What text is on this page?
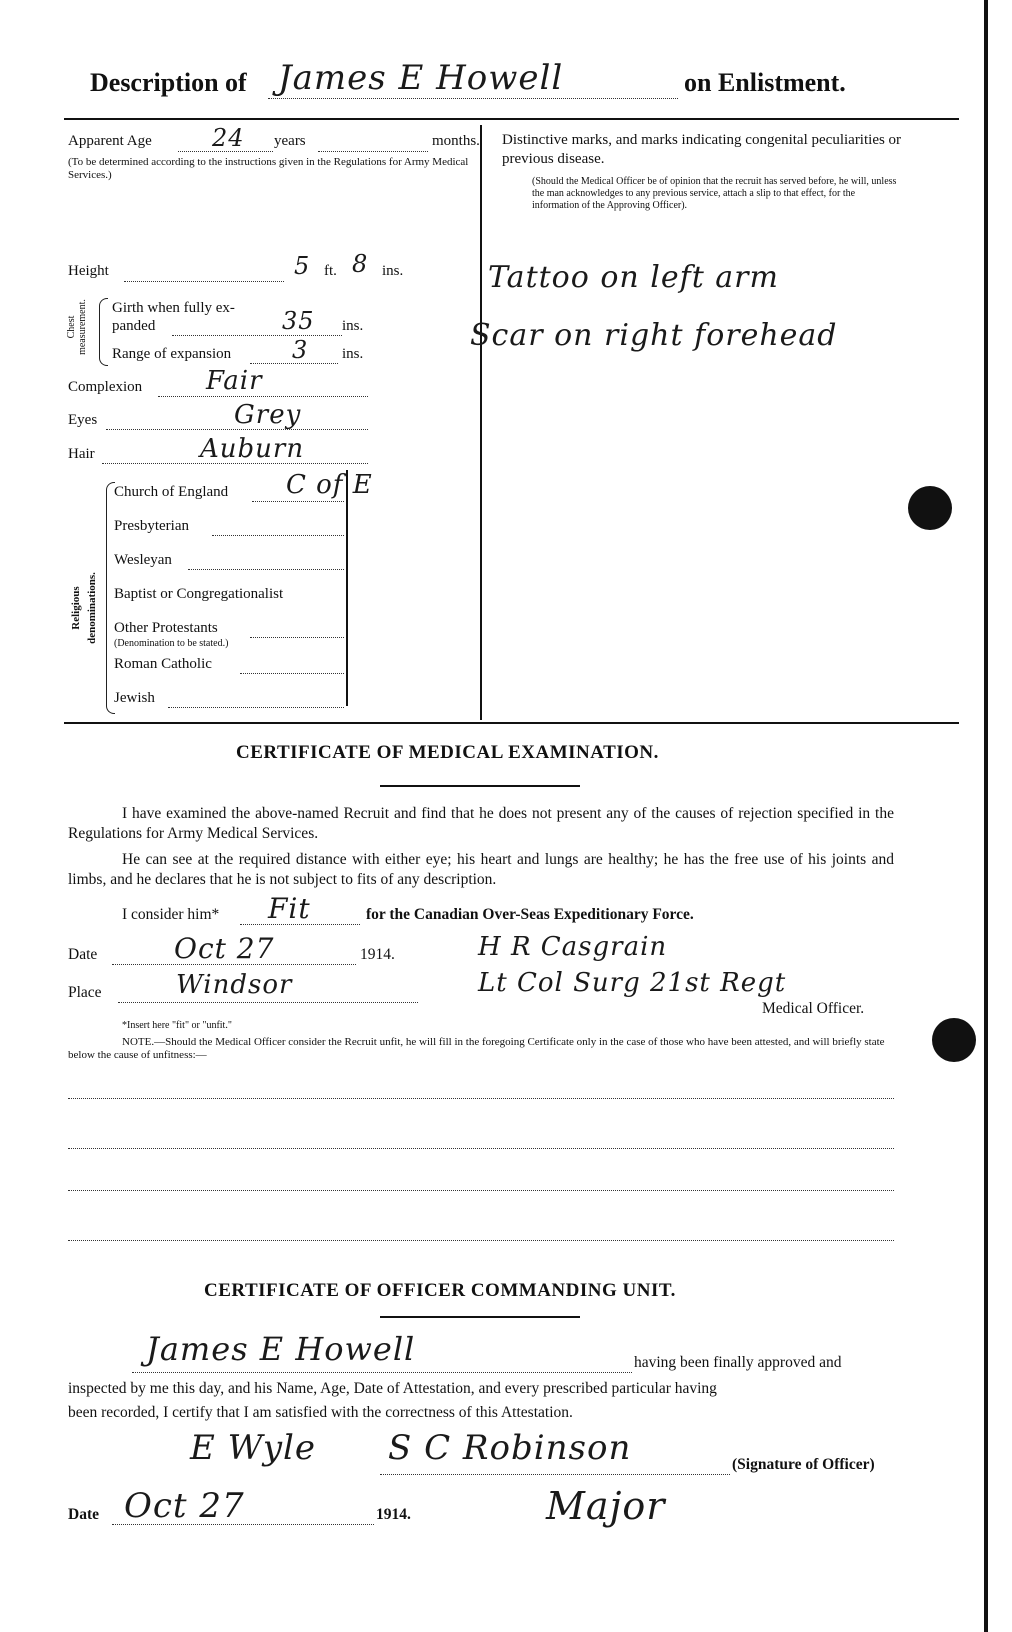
Description of James E Howell	on Enlistment.
Apparent Age	24 years	months.
(To be determined according to the instructions given in the Regulations for Army Medical Services.)
Distinctive marks, and marks indicating congenital peculiarities or previous disease.
(Should the Medical Officer be of opinion that the recruit has served before, he will, unless the man acknowledges to any previous service, attach a slip to that effect, for the information of the Approving Officer).
Tattoo on left arm
Scar on right forehead
Height	5 ft. 8 ins.
Chest measurement. Girth when fully ex-
panded	35 ins.
Range of expansion	3 ins.
Complexion Fair
Eyes	Grey
Hair	Auburn
Religious denominations.
Church of England C of E
Presbyterian
Wesleyan
Baptist or Congregationalist
Other Protestants
(Denomination to be stated.)
Roman Catholic
Jewish
CERTIFICATE OF MEDICAL EXAMINATION.
I have examined the above-named Recruit and find that he does not present any of the causes of rejection specified in the Regulations for Army Medical Services.
He can see at the required distance with either eye; his heart and lungs are healthy; he has the free use of his joints and limbs, and he declares that he is not subject to fits of any description.
I consider him* Fit	for the Canadian Over-Seas Expeditionary Force.
Date	Oct 27	1914.	H R Casgrain
Place	Windsor	Lt Col Surg 21st Regt
Medical Officer.
*Insert here "fit" or "unfit."
NOTE.—Should the Medical Officer consider the Recruit unfit, he will fill in the foregoing Certificate only in the case of those who have been attested, and will briefly state below the cause of unfitness:—
CERTIFICATE OF OFFICER COMMANDING UNIT.
James E Howell	having been finally approved and
inspected by me this day, and his Name, Age, Date of Attestation, and every prescribed particular having
been recorded, I certify that I am satisfied with the correctness of this Attestation.
E Wyle S C Robinson	(Signature of Officer)
Date Oct 27	1914.	Major
